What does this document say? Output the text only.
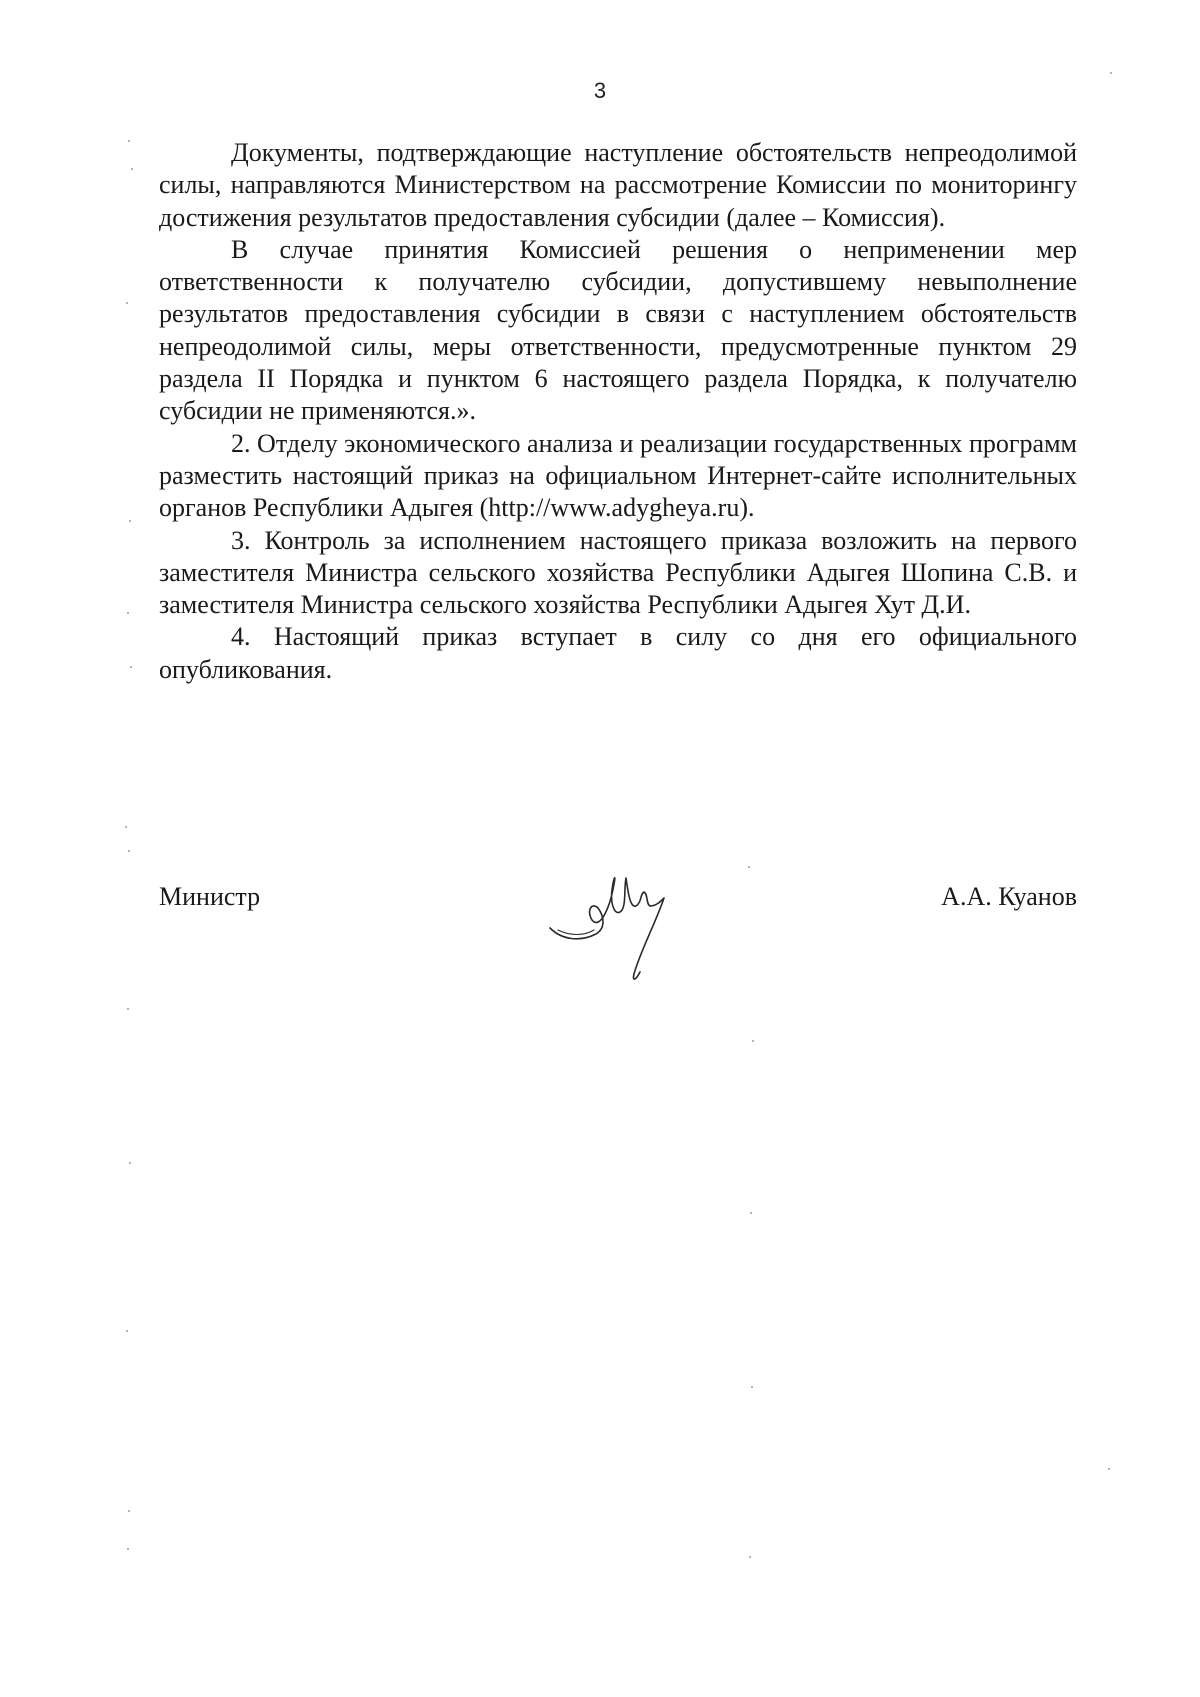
3

Документы, подтверждающие наступление обстоятельств непреодолимой силы, направляются Министерством на рассмотрение Комиссии по мониторингу достижения результатов предоставления субсидии (далее – Комиссия).

В случае принятия Комиссией решения о неприменении мер ответственности к получателю субсидии, допустившему невыполнение результатов предоставления субсидии в связи с наступлением обстоятельств непреодолимой силы, меры ответственности, предусмотренные пунктом 29 раздела II Порядка и пунктом 6 настоящего раздела Порядка, к получателю субсидии не применяются.».

2. Отделу экономического анализа и реализации государственных программ разместить настоящий приказ на официальном Интернет-сайте исполнительных органов Республики Адыгея (http://www.adygheya.ru).

3. Контроль за исполнением настоящего приказа возложить на первого заместителя Министра сельского хозяйства Республики Адыгея Шопина С.В. и заместителя Министра сельского хозяйства Республики Адыгея Хут Д.И.

4. Настоящий приказ вступает в силу со дня его официального опубликования.

Министр	А.А. Куанов
